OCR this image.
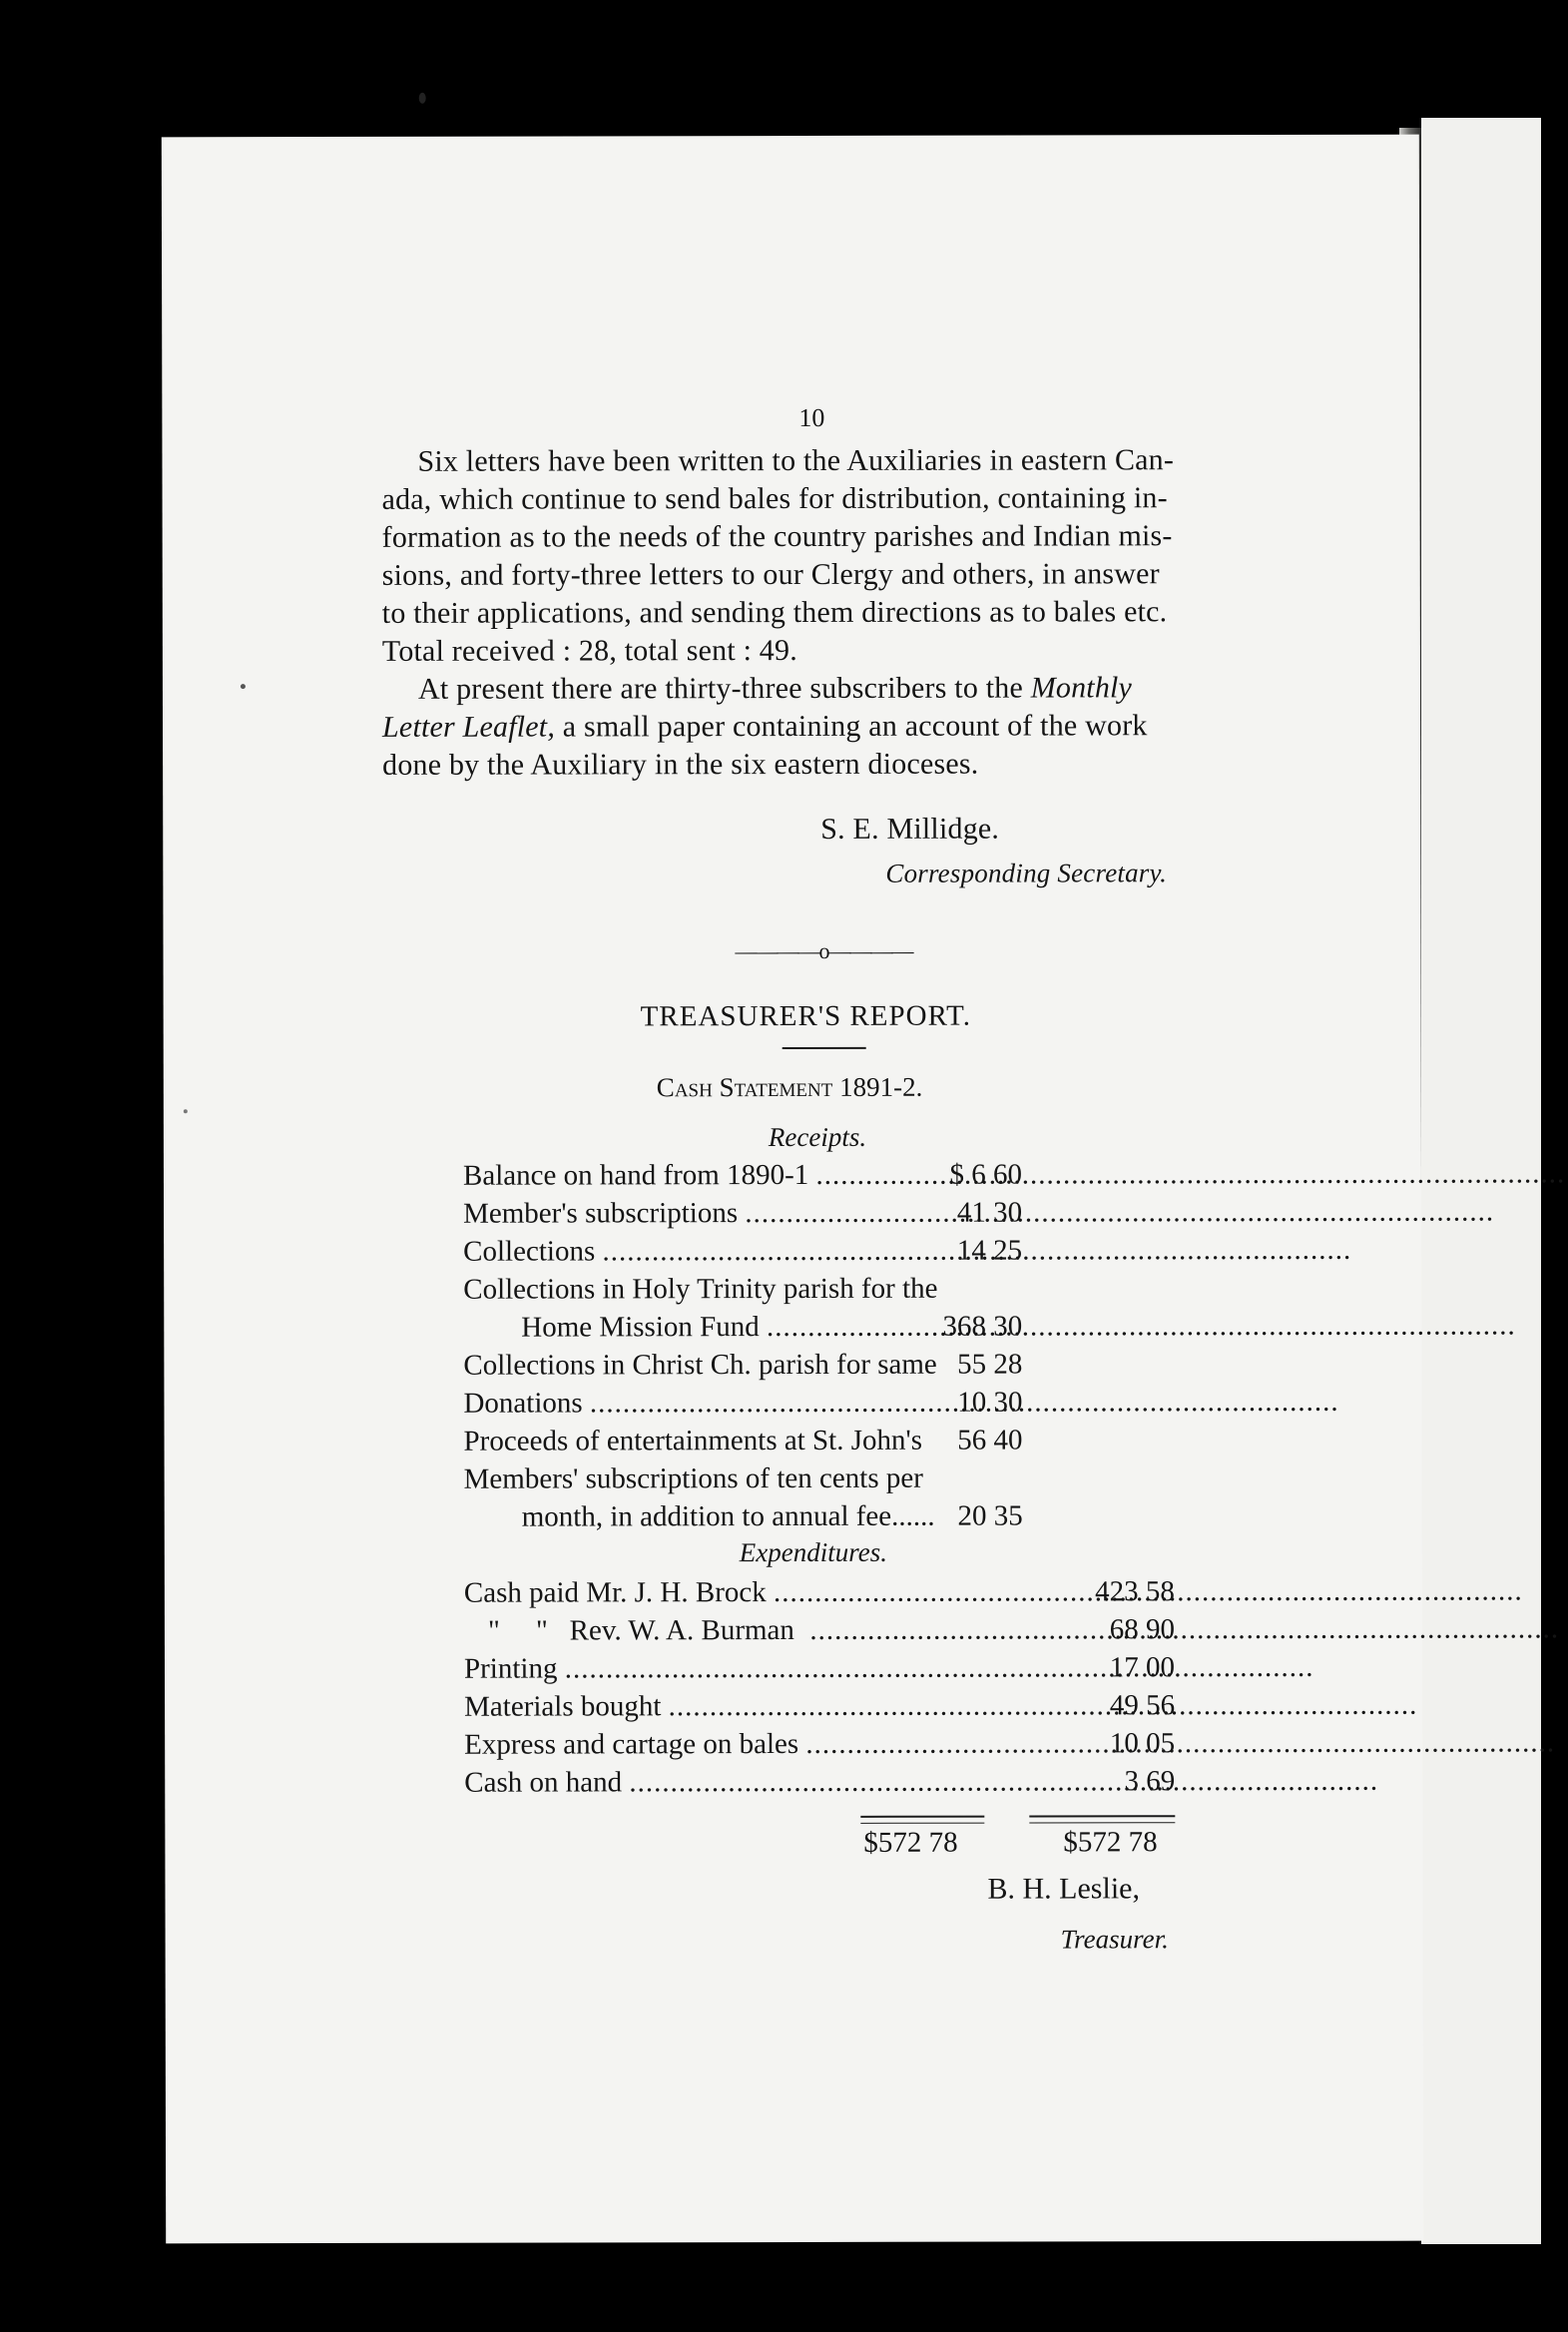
10
Six letters have been written to the Auxiliaries in eastern Can-
ada, which continue to send bales for distribution, containing in-
formation as to the needs of the country parishes and Indian mis-
sions, and forty-three letters to our Clergy and others, in answer
to their applications, and sending them directions as to bales etc.
Total received : 28, total sent : 49.
At present there are thirty-three subscribers to the Monthly
Letter Leaflet, a small paper containing an account of the work
done by the Auxiliary in the six eastern dioceses.
S. E. Millidge.
Corresponding Secretary.
————o————
TREASURER'S REPORT.
Cash Statement 1891-2.
Receipts.
Balance on hand from 1890-1 .....	$ 6 60
Member's subscriptions .....	41 30
Collections .....	14 25
Collections in Holy Trinity parish for the
Home Mission Fund .....	368 30
Collections in Christ Ch. parish for same 55 28
Donations .....	10 30
Proceeds of entertainments at St. John's	56 40
Members' subscriptions of ten cents per
month, in addition to annual fee...... 20 35
Expenditures.
Cash paid Mr. J. H. Brock .....	423 58
"     "   Rev. W. A. Burman  .....	68 90
Printing .....	17 00
Materials bought .....	49 56
Express and cartage on bales .....	10 05
Cash on hand .....	3 69
$572 78	$572 78
B. H. Leslie,
Treasurer.
